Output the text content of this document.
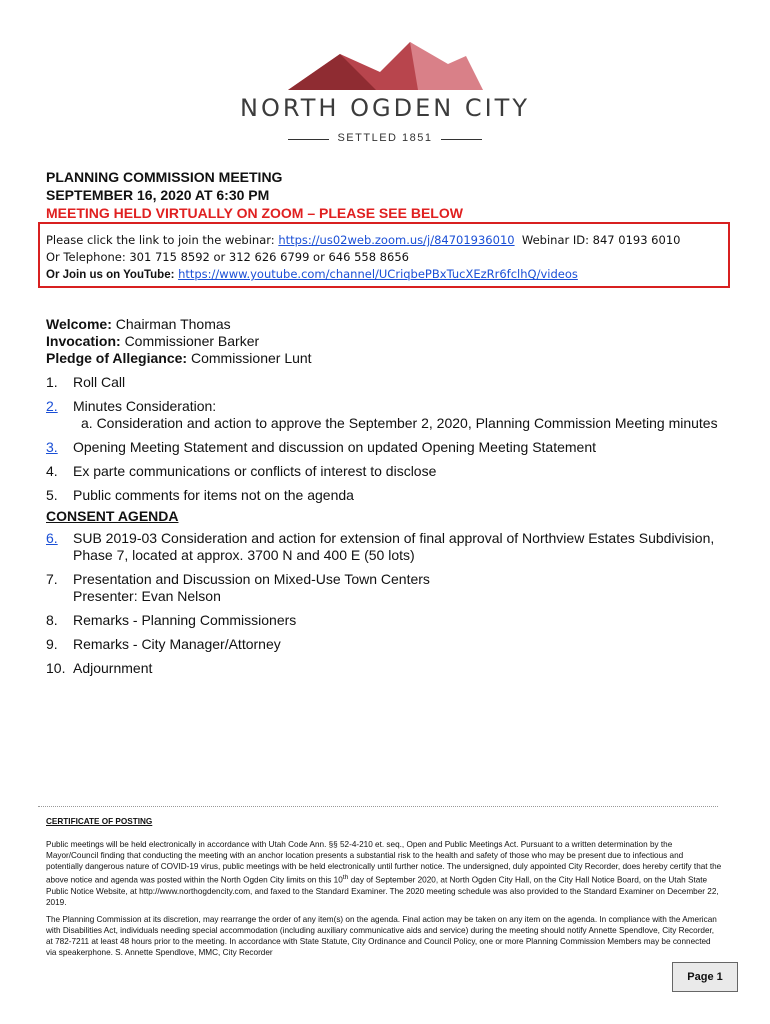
NORTH OGDEN CITY
SETTLED 1851
PLANNING COMMISSION MEETING
SEPTEMBER 16, 2020 AT 6:30 PM
MEETING HELD VIRTUALLY ON ZOOM – PLEASE SEE BELOW
Please click the link to join the webinar: https://us02web.zoom.us/j/84701936010 Webinar ID: 847 0193 6010
Or Telephone: 301 715 8592 or 312 626 6799 or 646 558 8656
Or Join us on YouTube: https://www.youtube.com/channel/UCriqbePBxTucXEzRr6fclhQ/videos
Welcome: Chairman Thomas
Invocation: Commissioner Barker
Pledge of Allegiance: Commissioner Lunt
1.	Roll Call
2.	Minutes Consideration:
a. Consideration and action to approve the September 2, 2020, Planning Commission Meeting minutes
3.	Opening Meeting Statement and discussion on updated Opening Meeting Statement
4.	Ex parte communications or conflicts of interest to disclose
5.	Public comments for items not on the agenda
CONSENT AGENDA
6.	SUB 2019-03 Consideration and action for extension of final approval of Northview Estates Subdivision,
Phase 7, located at approx. 3700 N and 400 E (50 lots)
7.	Presentation and Discussion on Mixed-Use Town Centers
Presenter: Evan Nelson
8.	Remarks - Planning Commissioners
9.	Remarks - City Manager/Attorney
10. Adjournment
CERTIFICATE OF POSTING

Public meetings will be held electronically in accordance with Utah Code Ann. §§ 52-4-210 et. seq., Open and Public Meetings Act. Pursuant to a written determination by the Mayor/Council finding that conducting the meeting with an anchor location presents a substantial risk to the health and safety of those who may be present due to infectious and potentially dangerous nature of COVID-19 virus, public meetings with be held electronically until further notice. The undersigned, duly appointed City Recorder, does hereby certify that the above notice and agenda was posted within the North Ogden City limits on this 10th day of September 2020, at North Ogden City Hall, on the City Hall Notice Board, on the Utah State Public Notice Website, at http://www.northogdencity.com, and faxed to the Standard Examiner. The 2020 meeting schedule was also provided to the Standard Examiner on December 22, 2019.

The Planning Commission at its discretion, may rearrange the order of any item(s) on the agenda. Final action may be taken on any item on the agenda. In compliance with the American with Disabilities Act, individuals needing special accommodation (including auxiliary communicative aids and service) during the meeting should notify Annette Spendlove, City Recorder, at 782-7211 at least 48 hours prior to the meeting. In accordance with State Statute, City Ordinance and Council Policy, one or more Planning Commission Members may be connected via speakerphone. S. Annette Spendlove, MMC, City Recorder

Page 1
